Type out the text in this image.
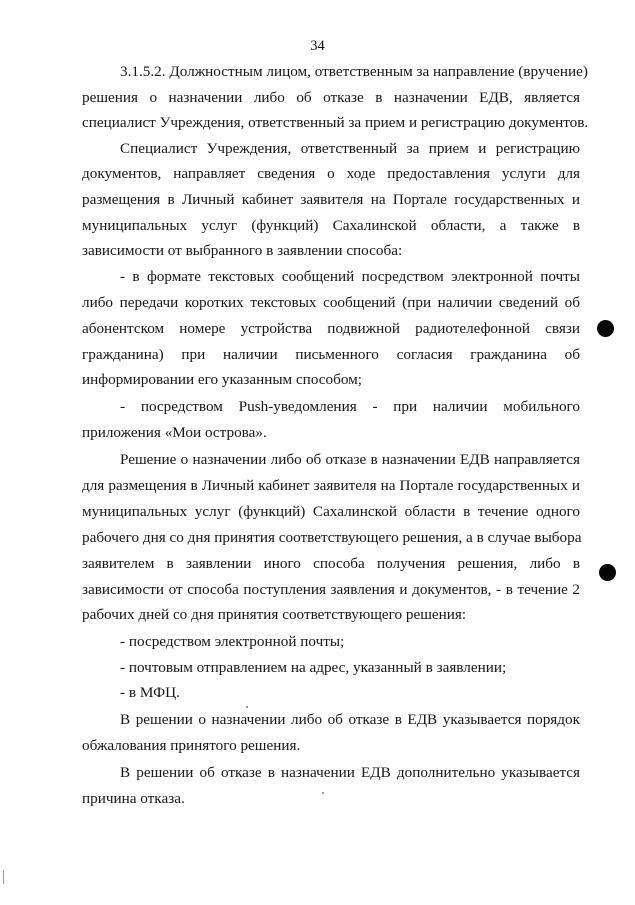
34
3.1.5.2. Должностным лицом, ответственным за направление (вручение)
решения о назначении либо об отказе в назначении ЕДВ, является
специалист Учреждения, ответственный за прием и регистрацию документов.
Специалист Учреждения, ответственный за прием и регистрацию
документов, направляет сведения о ходе предоставления услуги для
размещения в Личный кабинет заявителя на Портале государственных и
муниципальных услуг (функций) Сахалинской области, а также в
зависимости от выбранного в заявлении способа:
- в формате текстовых сообщений посредством электронной почты
либо передачи коротких текстовых сообщений (при наличии сведений об
абонентском номере устройства подвижной радиотелефонной связи
гражданина) при наличии письменного согласия гражданина об
информировании его указанным способом;
- посредством Push-уведомления - при наличии мобильного
приложения «Мои острова».
Решение о назначении либо об отказе в назначении ЕДВ направляется
для размещения в Личный кабинет заявителя на Портале государственных и
муниципальных услуг (функций) Сахалинской области в течение одного
рабочего дня со дня принятия соответствующего решения, а в случае выбора
заявителем в заявлении иного способа получения решения, либо в
зависимости от способа поступления заявления и документов, - в течение 2
рабочих дней со дня принятия соответствующего решения:
- посредством электронной почты;
- почтовым отправлением на адрес, указанный в заявлении;
- в МФЦ.
В решении о назначении либо об отказе в ЕДВ указывается порядок
обжалования принятого решения.
В решении об отказе в назначении ЕДВ дополнительно указывается
причина отказа.
